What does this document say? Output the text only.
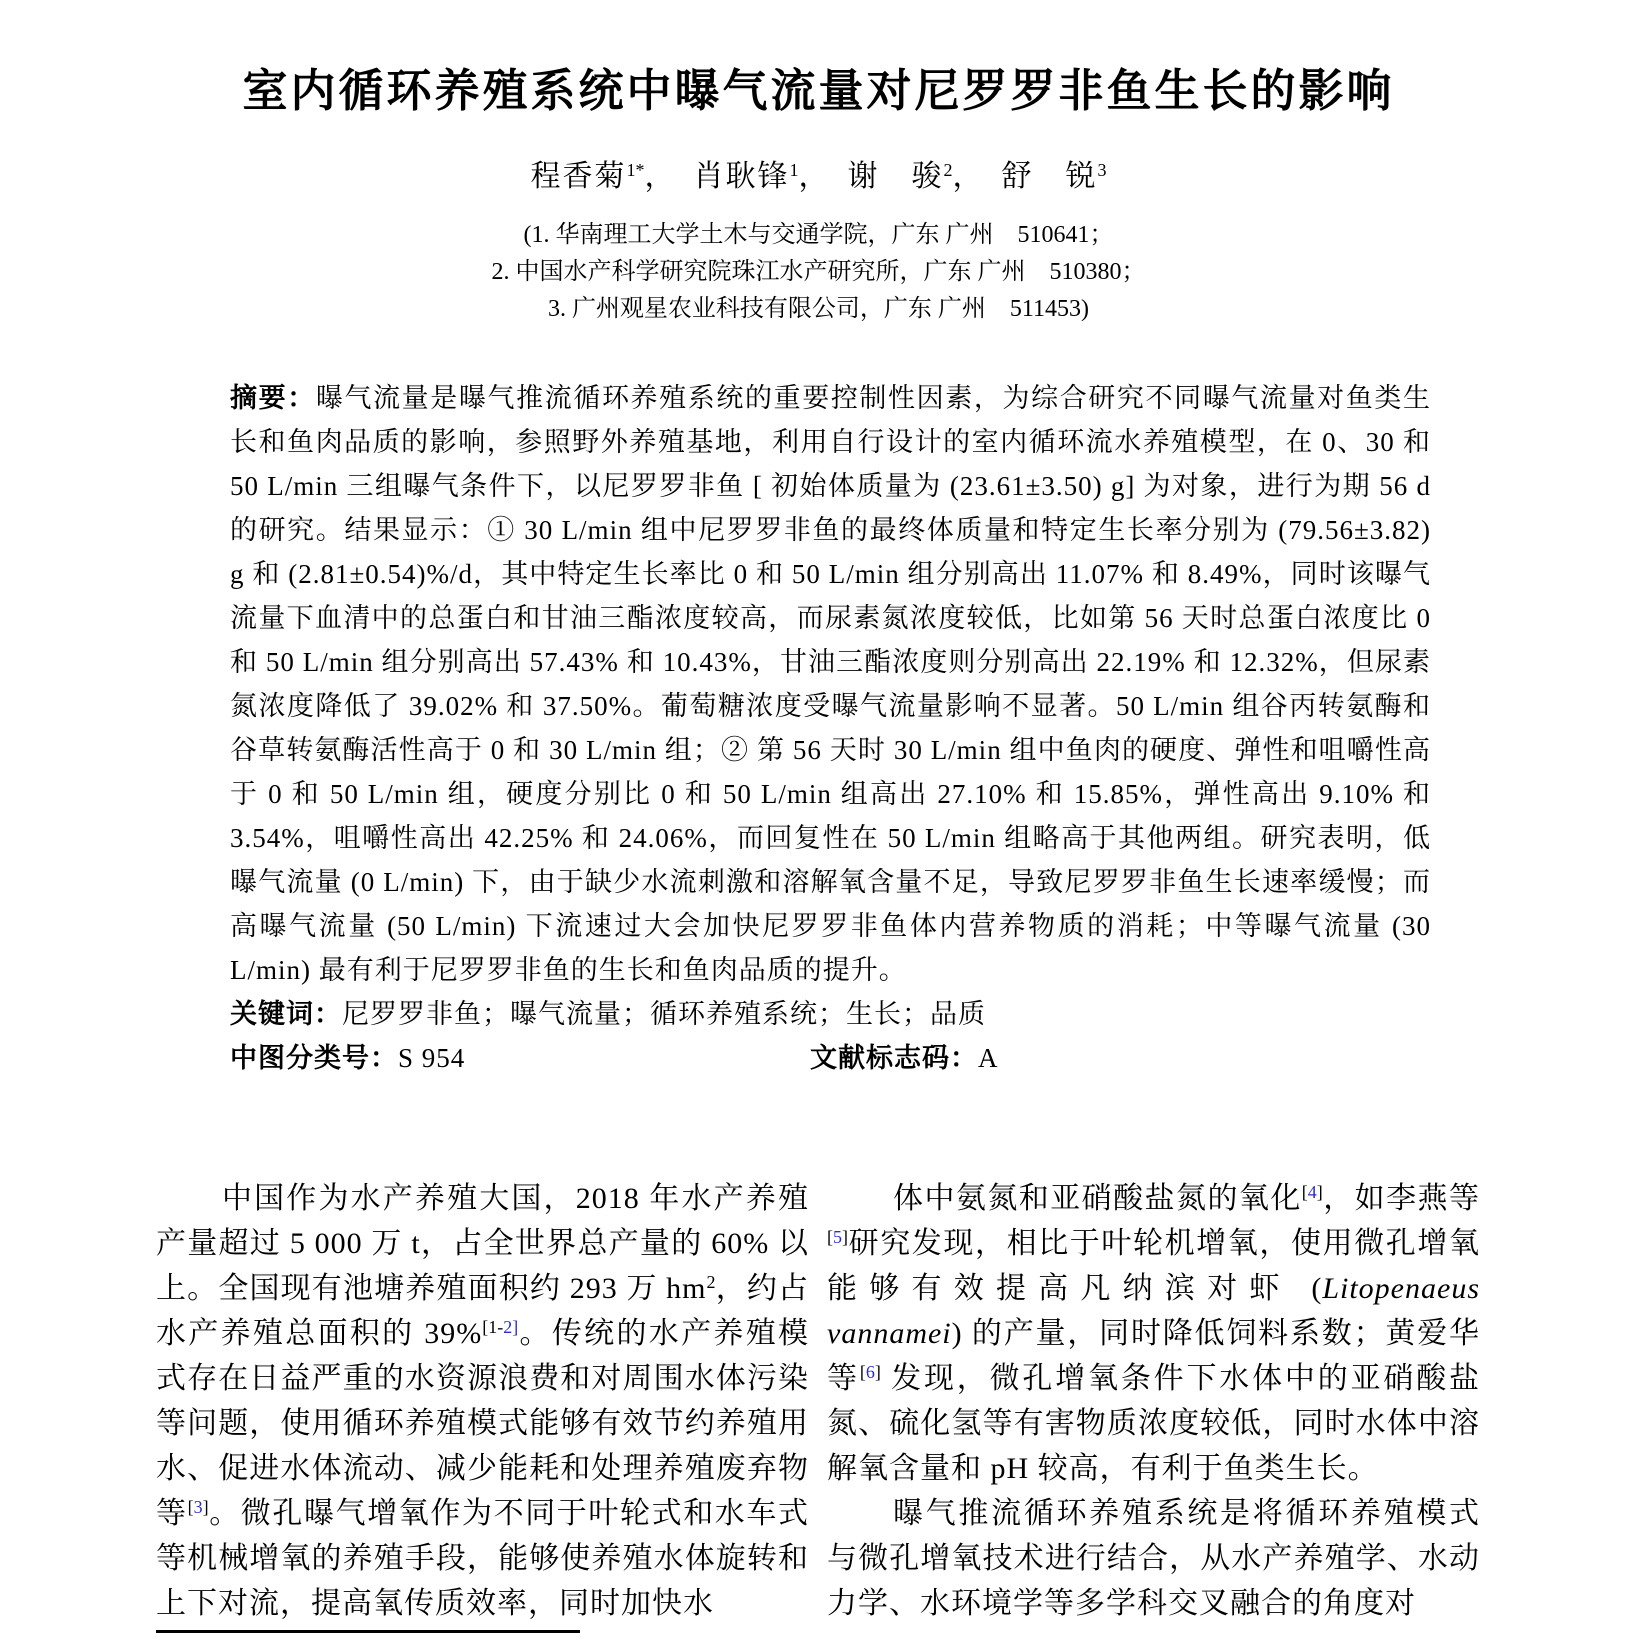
室内循环养殖系统中曝气流量对尼罗罗非鱼生长的影响
程香菊$^{1*}$，　肖耿锋$^1$，　谢　骏$^2$，　舒　锐$^3$
(1. 华南理工大学土木与交通学院，广东 广州　510641；
2. 中国水产科学研究院珠江水产研究所，广东 广州　510380；
3. 广州观星农业科技有限公司，广东 广州　511453)

摘要：曝气流量是曝气推流循环养殖系统的重要控制性因素，为综合研究不同曝气流量对鱼类生长和鱼肉品质的影响，参照野外养殖基地，利用自行设计的室内循环流水养殖模型，在 0、30 和 50 L/min 三组曝气条件下，以尼罗罗非鱼 [ 初始体质量为 (23.61±3.50) g] 为对象，进行为期 56 d 的研究。结果显示：① 30 L/min 组中尼罗罗非鱼的最终体质量和特定生长率分别为 (79.56±3.82) g 和 (2.81±0.54)%/d，其中特定生长率比 0 和 50 L/min 组分别高出 11.07% 和 8.49%，同时该曝气流量下血清中的总蛋白和甘油三酯浓度较高，而尿素氮浓度较低，比如第 56 天时总蛋白浓度比 0 和 50 L/min 组分别高出 57.43% 和 10.43%，甘油三酯浓度则分别高出 22.19% 和 12.32%，但尿素氮浓度降低了 39.02% 和 37.50%。葡萄糖浓度受曝气流量影响不显著。50 L/min 组谷丙转氨酶和谷草转氨酶活性高于 0 和 30 L/min 组；② 第 56 天时 30 L/min 组中鱼肉的硬度、弹性和咀嚼性高于 0 和 50 L/min 组，硬度分别比 0 和 50 L/min 组高出 27.10% 和 15.85%，弹性高出 9.10% 和 3.54%，咀嚼性高出 42.25% 和 24.06%，而回复性在 50 L/min 组略高于其他两组。研究表明，低曝气流量 (0 L/min) 下，由于缺少水流刺激和溶解氧含量不足，导致尼罗罗非鱼生长速率缓慢；而高曝气流量 (50 L/min) 下流速过大会加快尼罗罗非鱼体内营养物质的消耗；中等曝气流量 (30 L/min) 最有利于尼罗罗非鱼的生长和鱼肉品质的提升。

关键词：尼罗罗非鱼；曝气流量；循环养殖系统；生长；品质

中图分类号：S 954	文献标志码：A

中国作为水产养殖大国，2018 年水产养殖产量超过 5 000 万 t，占全世界总产量的 60% 以上。全国现有池塘养殖面积约 293 万 $hm^2$，约占水产养殖总面积的 39%[1-2]。传统的水产养殖模式存在日益严重的水资源浪费和对周围水体污染等问题，使用循环养殖模式能够有效节约养殖用水、促进水体流动、减少能耗和处理养殖废弃物等[3]。微孔曝气增氧作为不同于叶轮式和水车式等机械增氧的养殖手段，能够使养殖水体旋转和上下对流，提高氧传质效率，同时加快水

体中氨氮和亚硝酸盐氮的氧化[4]，如李燕等[5]研究发现，相比于叶轮机增氧，使用微孔增氧能够有效提高凡纳滨对虾 (Litopenaeus vannamei) 的产量，同时降低饲料系数；黄爱华等[6] 发现，微孔增氧条件下水体中的亚硝酸盐氮、硫化氢等有害物质浓度较低，同时水体中溶解氧含量和 pH 较高，有利于鱼类生长。

曝气推流循环养殖系统是将循环养殖模式与微孔增氧技术进行结合，从水产养殖学、水动力学、水环境学等多学科交叉融合的角度对
